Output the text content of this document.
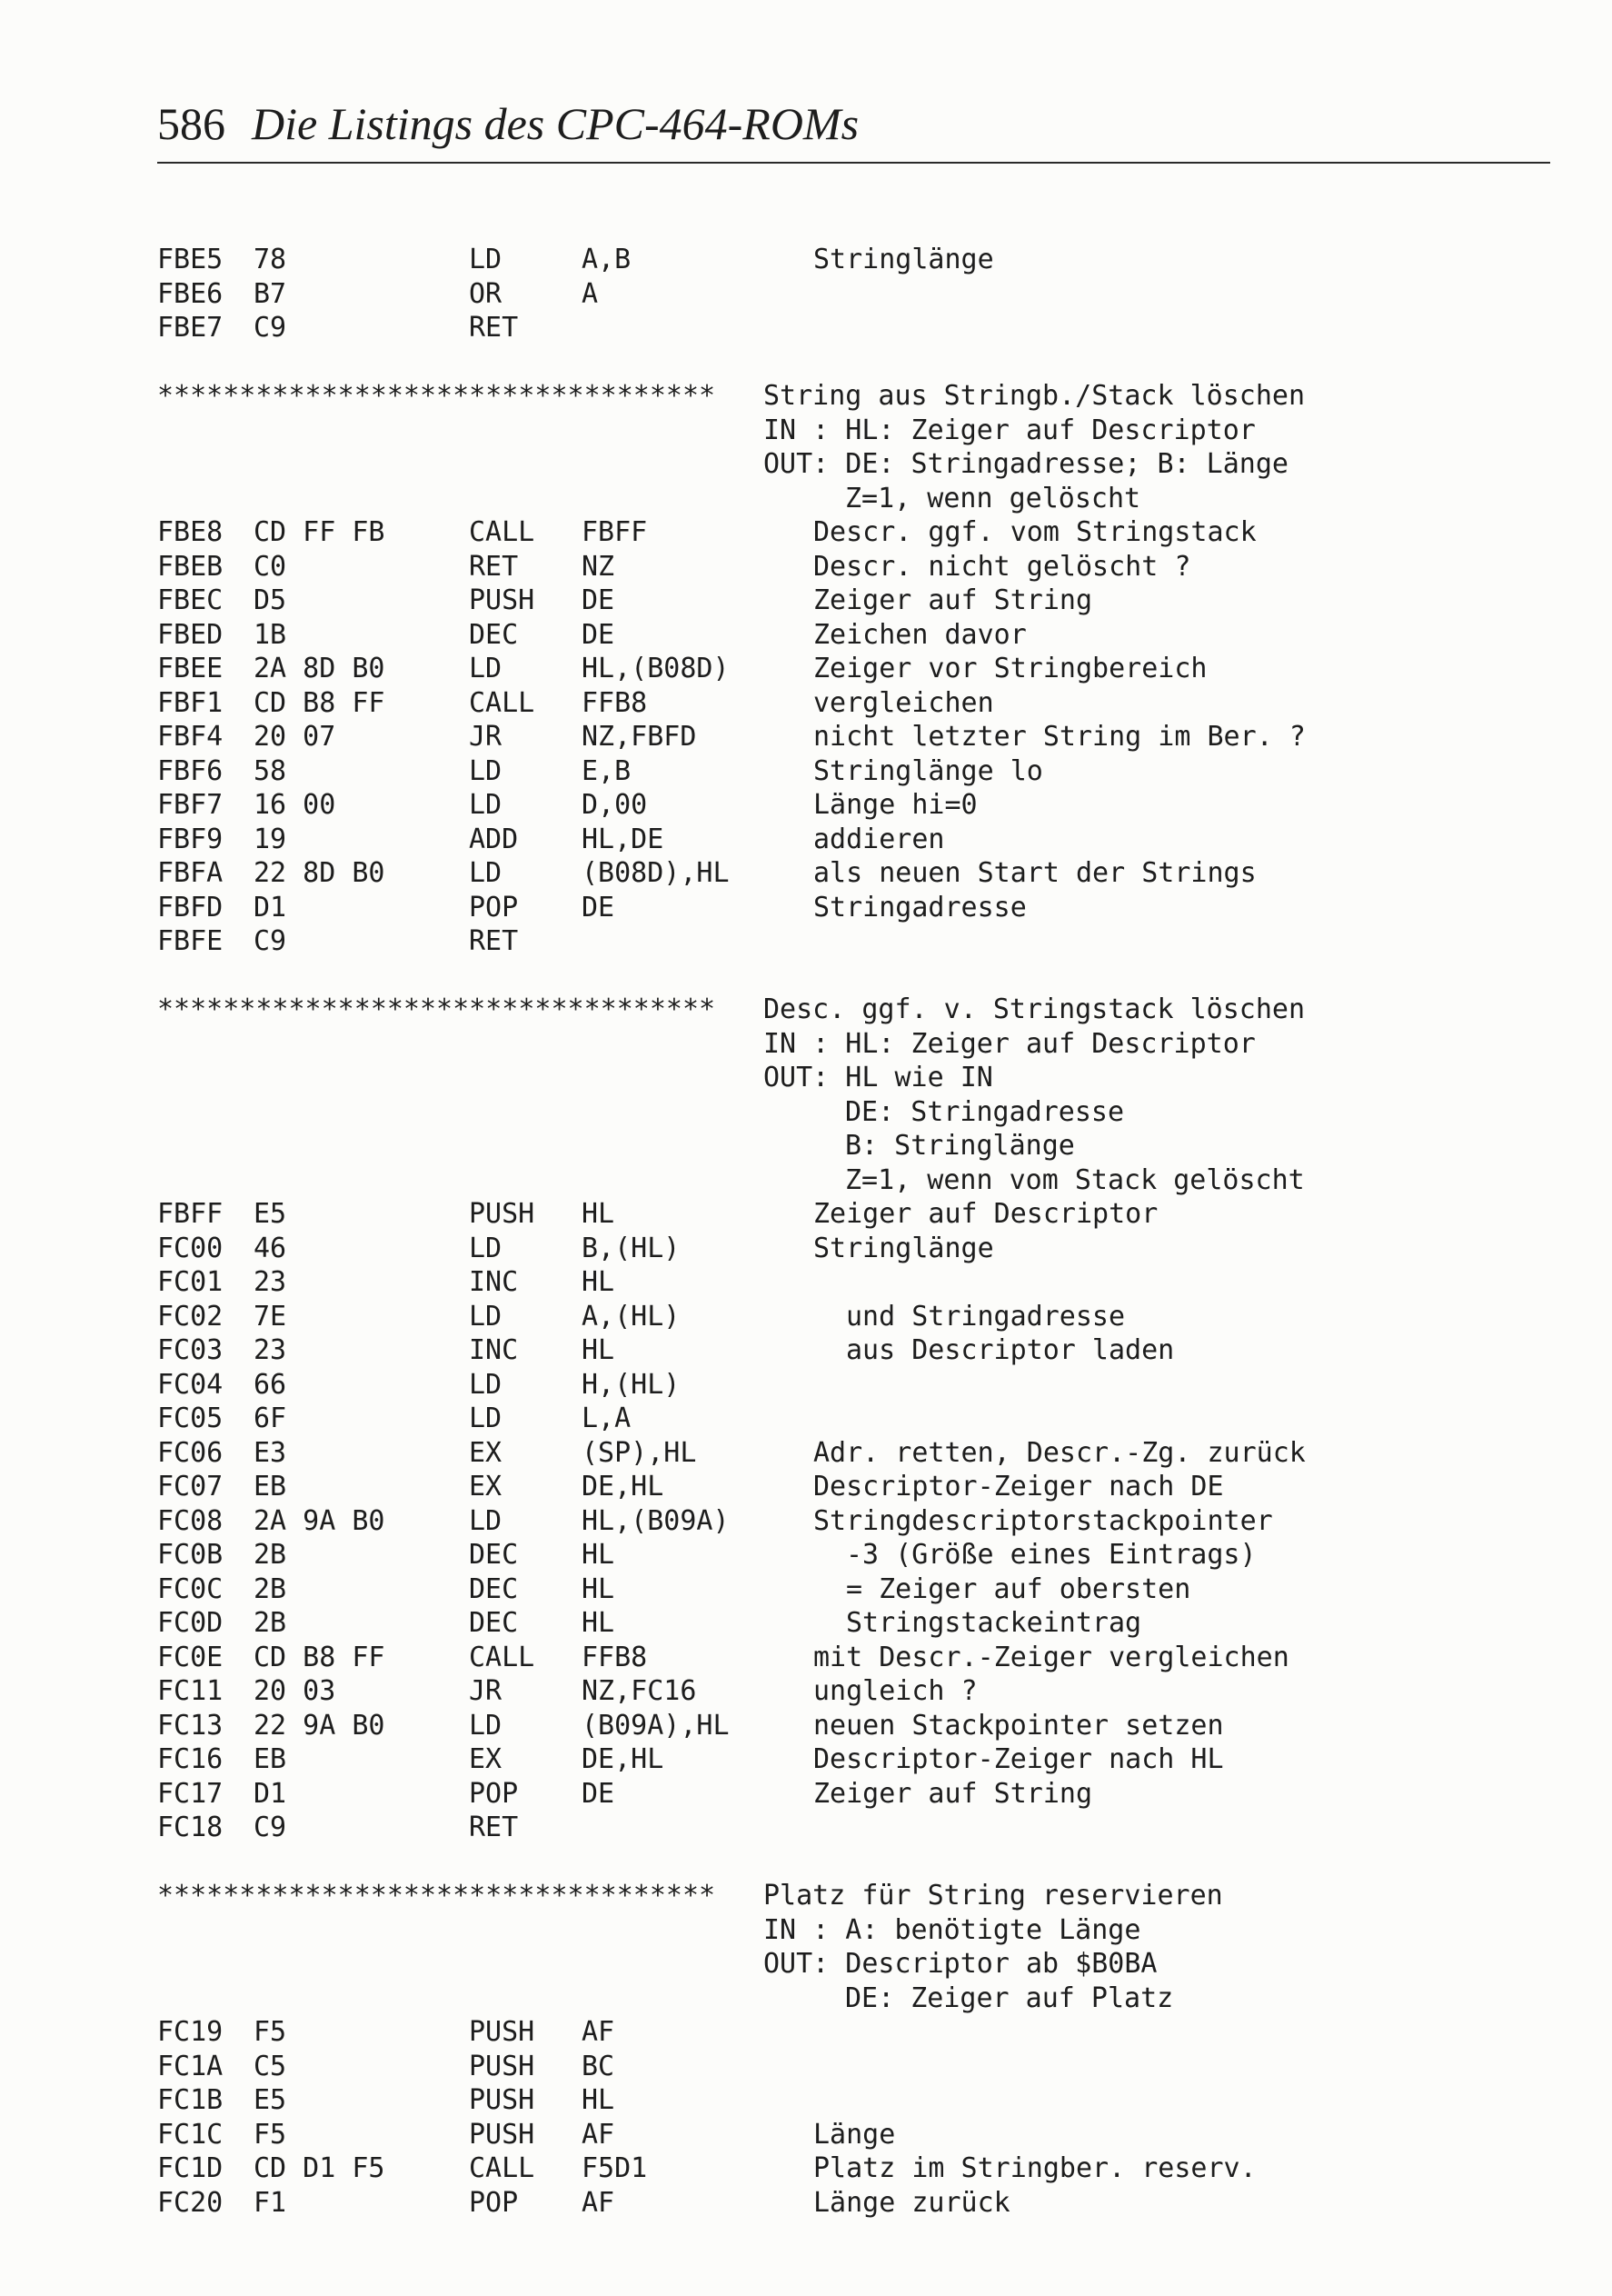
586 Die Listings des CPC-464-ROMs
FBE5 78	LD	A,B	Stringlänge
FBE6 B7	OR	A
FBE7 C9	RET
********************************** String aus Stringb./Stack löschen
IN : HL: Zeiger auf Descriptor
OUT: DE: Stringadresse; B: Länge
Z=1, wenn gelöscht
FBE8 CD FF FB	CALL FBFF	Descr. ggf. vom Stringstack
FBEB C0	RET NZ	Descr. nicht gelöscht ?
FBEC D5	PUSH DE	Zeiger auf String
FBED 1B	DEC DE	Zeichen davor
FBEE 2A 8D B0	LD	HL,(B08D)	Zeiger vor Stringbereich
FBF1 CD B8 FF	CALL FFB8	vergleichen
FBF4 20 07	JR	NZ,FBFD	nicht letzter String im Ber. ?
FBF6 58	LD	E,B	Stringlänge lo
FBF7 16 00	LD	D,00	Länge hi=0
FBF9 19	ADD HL,DE	addieren
FBFA 22 8D B0	LD	(B08D),HL	als neuen Start der Strings
FBFD D1	POP DE	Stringadresse
FBFE C9	RET
********************************** Desc. ggf. v. Stringstack löschen
IN : HL: Zeiger auf Descriptor
OUT: HL wie IN
DE: Stringadresse
B: Stringlänge
Z=1, wenn vom Stack gelöscht
FBFF E5	PUSH HL	Zeiger auf Descriptor
FC00 46	LD	B,(HL)	Stringlänge
FC01 23	INC HL
FC02 7E	LD	A,(HL)	und Stringadresse
FC03 23	INC HL	aus Descriptor laden
FC04 66	LD	H,(HL)
FC05 6F	LD	L,A
FC06 E3	EX	(SP),HL	Adr. retten, Descr.-Zg. zurück
FC07 EB	EX	DE,HL	Descriptor-Zeiger nach DE
FC08 2A 9A B0	LD	HL,(B09A)	Stringdescriptorstackpointer
FC0B 2B	DEC HL	-3 (Größe eines Eintrags)
FC0C 2B	DEC HL	= Zeiger auf obersten
FC0D 2B	DEC HL	Stringstackeintrag
FC0E CD B8 FF	CALL FFB8	mit Descr.-Zeiger vergleichen
FC11 20 03	JR	NZ,FC16	ungleich ?
FC13 22 9A B0	LD	(B09A),HL	neuen Stackpointer setzen
FC16 EB	EX	DE,HL	Descriptor-Zeiger nach HL
FC17 D1	POP DE	Zeiger auf String
FC18 C9	RET
********************************** Platz für String reservieren
IN : A: benötigte Länge
OUT: Descriptor ab $B0BA
DE: Zeiger auf Platz
FC19 F5	PUSH AF
FC1A C5	PUSH BC
FC1B E5	PUSH HL
FC1C F5	PUSH AF	Länge
FC1D CD D1 F5	CALL F5D1	Platz im Stringber. reserv.
FC20 F1	POP AF	Länge zurück
